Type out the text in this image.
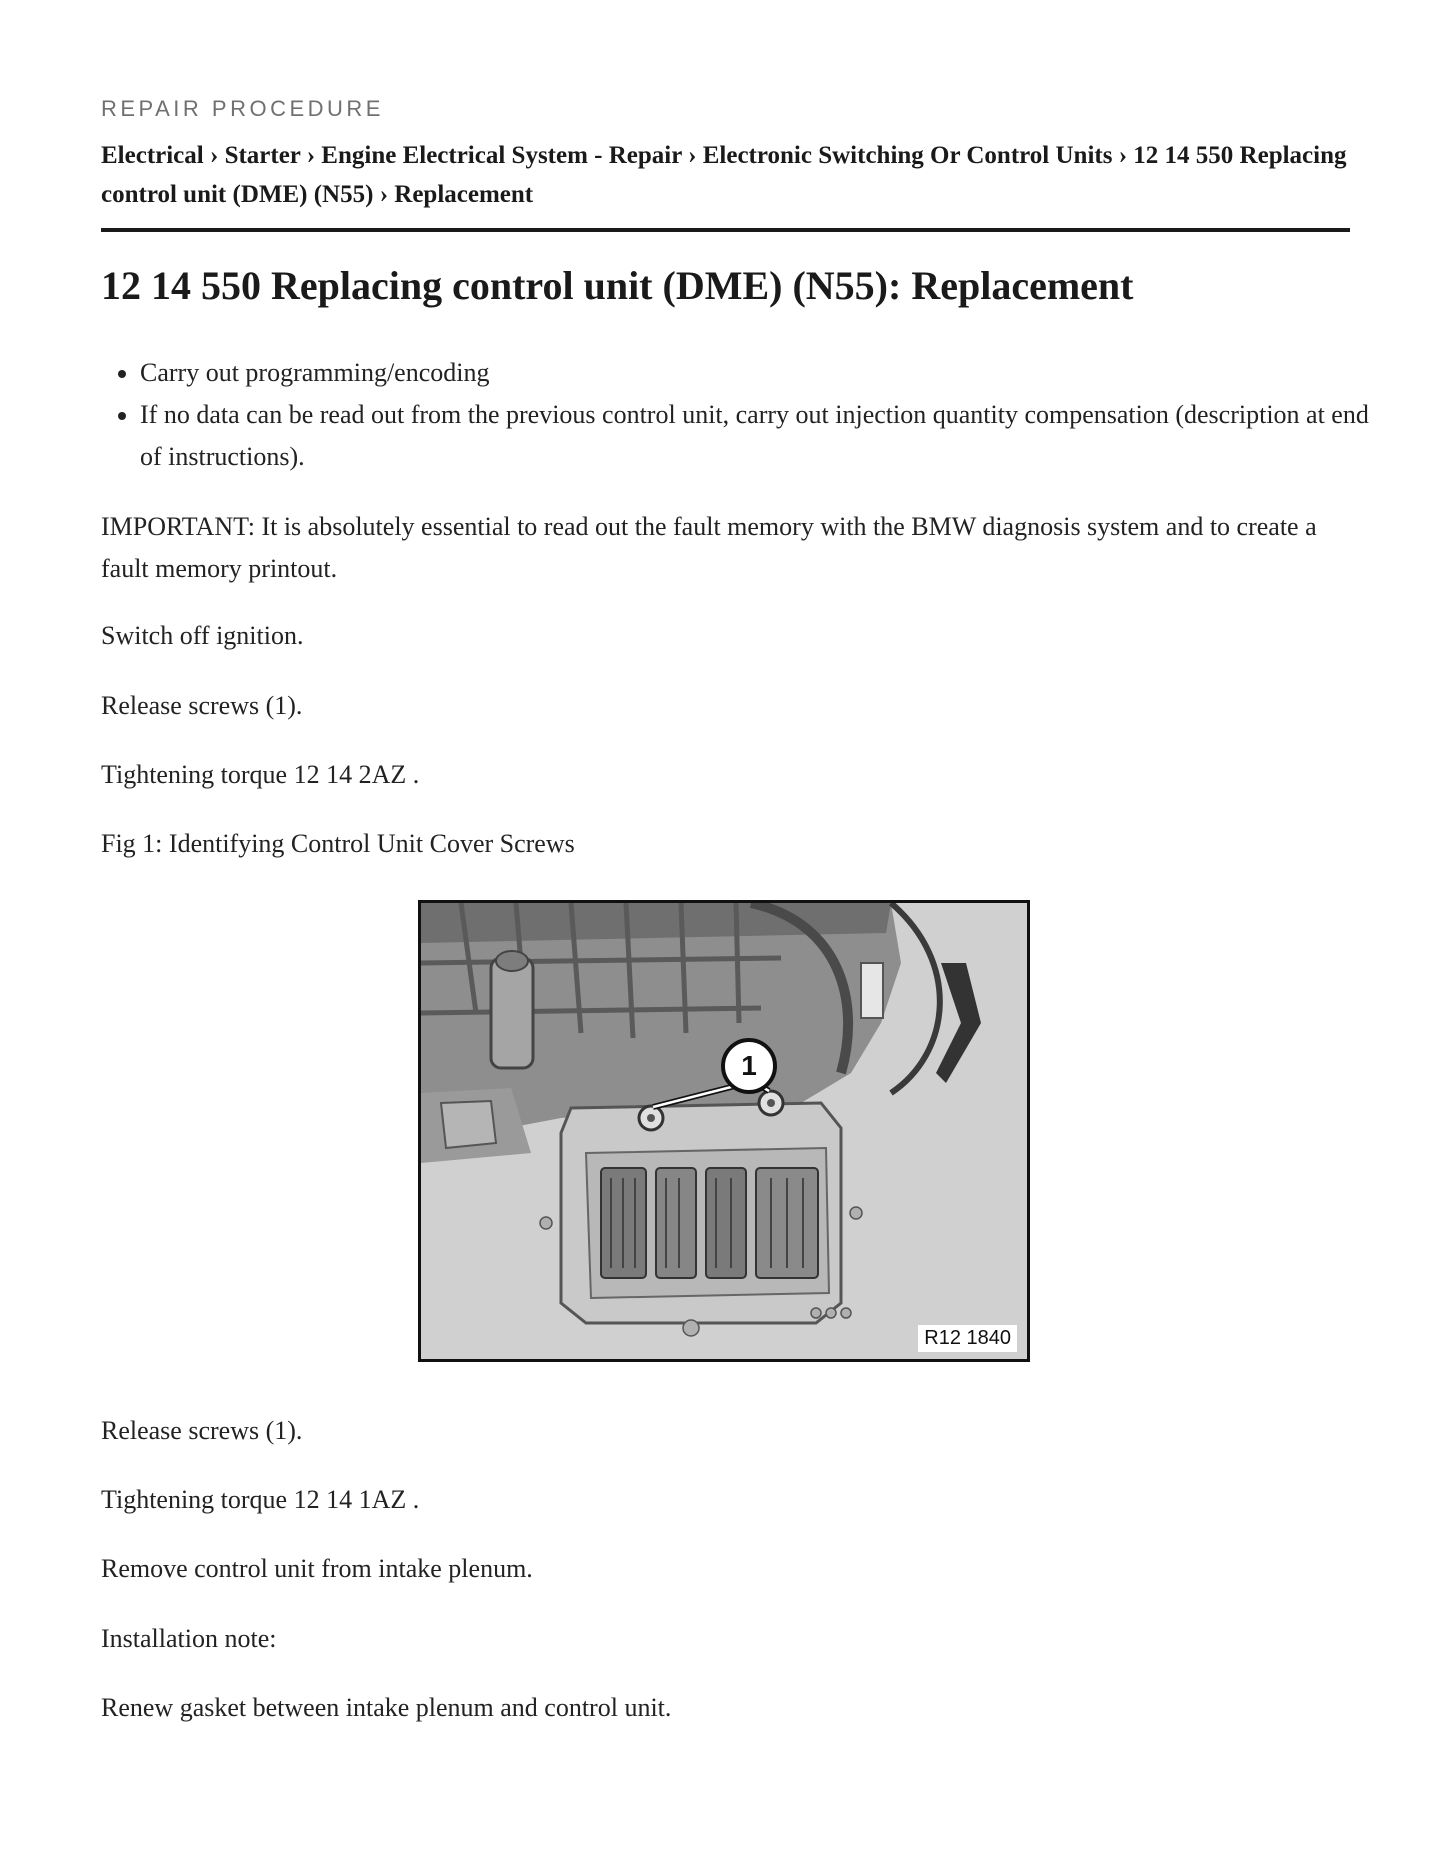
REPAIR PROCEDURE
Electrical › Starter › Engine Electrical System - Repair › Electronic Switching Or Control Units › 12 14 550 Replacing control unit (DME) (N55) › Replacement
12 14 550 Replacing control unit (DME) (N55): Replacement
• Carry out programming/encoding
• If no data can be read out from the previous control unit, carry out injection quantity compensation (description at end of instructions).

IMPORTANT: It is absolutely essential to read out the fault memory with the BMW diagnosis system and to create a fault memory printout.

Switch off ignition.

Release screws (1).

Tightening torque 12 14 2AZ .

Fig 1: Identifying Control Unit Cover Screws

1
R12 1840

Release screws (1).

Tightening torque 12 14 1AZ .

Remove control unit from intake plenum.

Installation note:

Renew gasket between intake plenum and control unit.
